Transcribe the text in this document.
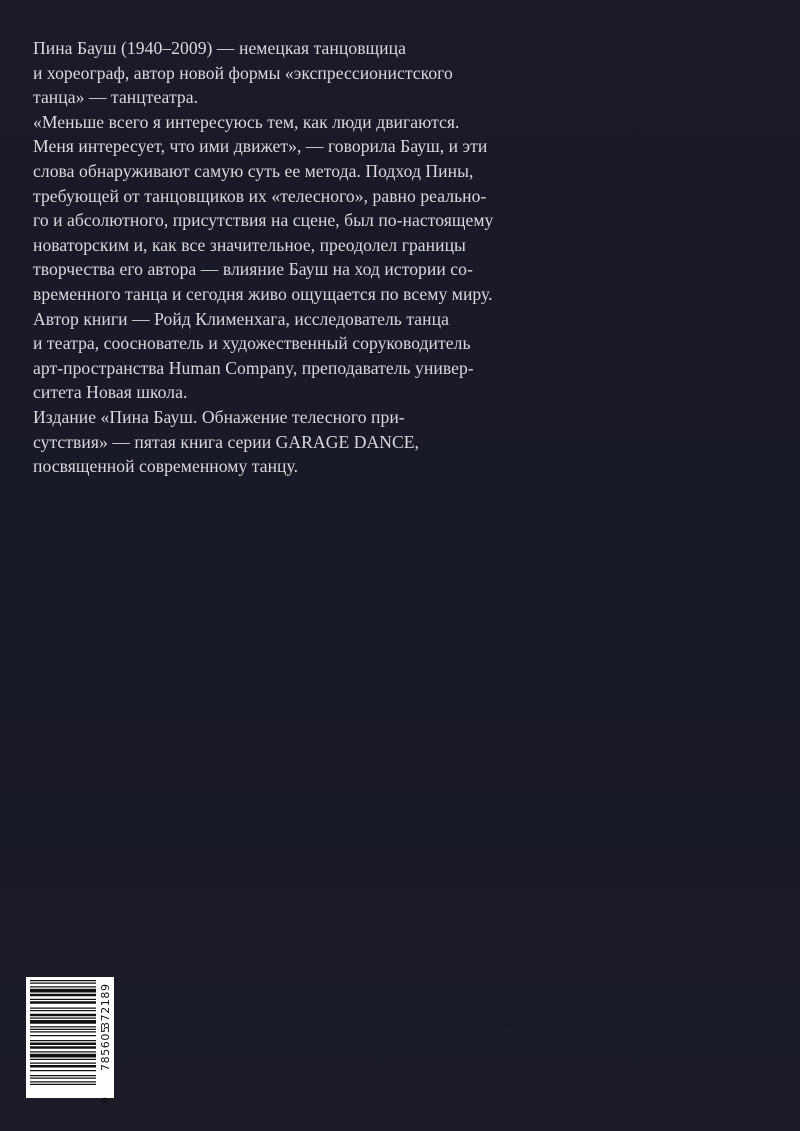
Пина Бауш (1940–2009) — немецкая танцовщица
и хореограф, автор новой формы «экспрессионистского
танца» — танцтеатра.
«Меньше всего я интересуюсь тем, как люди двигаются.
Меня интересует, что ими движет», — говорила Бауш, и эти
слова обнаруживают самую суть ее метода. Подход Пины,
требующей от танцовщиков их «телесного», равно реально-
го и абсолютного, присутствия на сцене, был по-настоящему
новаторским и, как все значительное, преодолел границы
творчества его автора — влияние Бауш на ход истории со-
временного танца и сегодня живо ощущается по всему миру.
Автор книги — Ройд Клименхага, исследователь танца
и театра, сооснователь и художественный соруководитель
арт-пространства Human Company, преподаватель универ-
ситета Новая школа.
Издание «Пина Бауш. Обнажение телесного при-
сутствия» — пятая книга серии GARAGE DANCE,
посвященной современному танцу.
9
785605
372189
